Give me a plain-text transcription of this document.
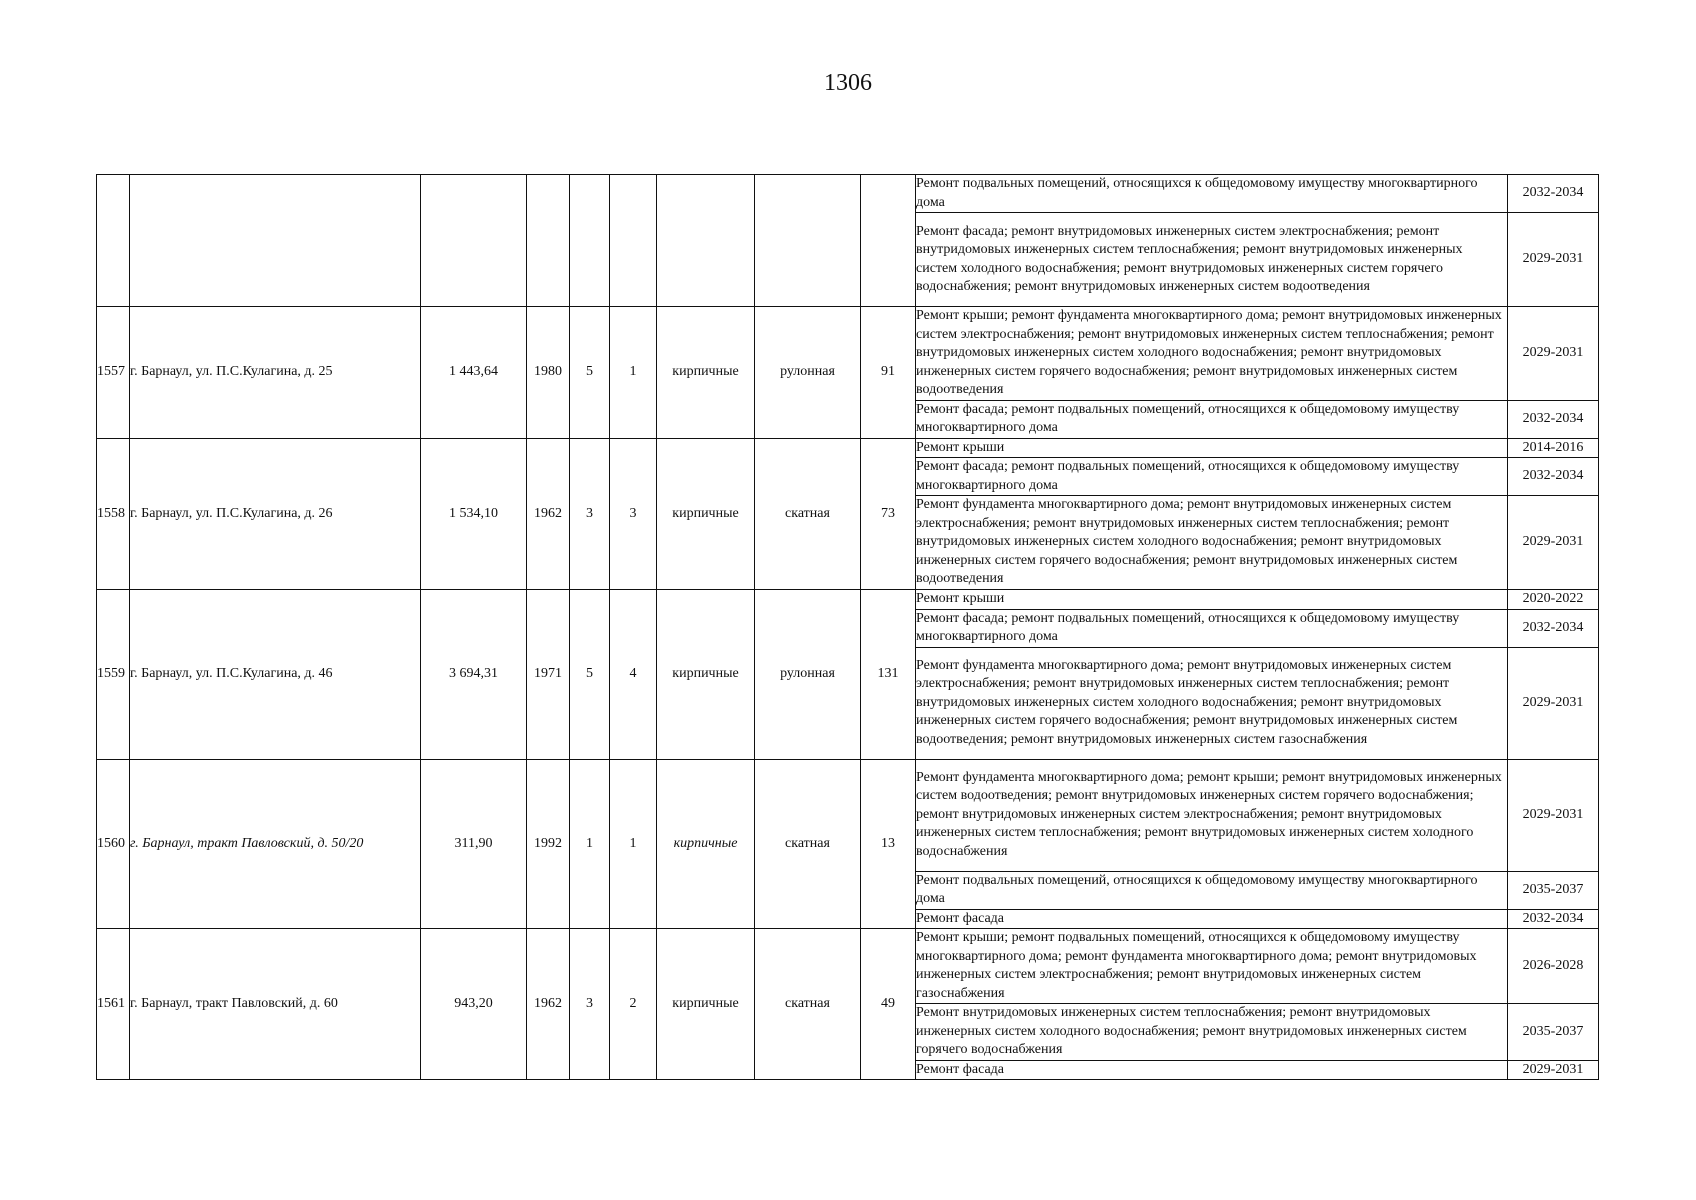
1306
									Ремонт подвальных помещений, относящихся к общедомовому имуществу многоквартирного дома	2032-2034
									Ремонт фасада; ремонт внутридомовых инженерных систем электроснабжения; ремонт внутридомовых инженерных систем теплоснабжения; ремонт внутридомовых инженерных систем холодного водоснабжения; ремонт внутридомовых инженерных систем горячего водоснабжения; ремонт внутридомовых инженерных систем водоотведения	2029-2031
1557	г. Барнаул, ул. П.С.Кулагина, д. 25	1 443,64	1980	5	1	кирпичные	рулонная	91	Ремонт крыши; ремонт фундамента многоквартирного дома; ремонт внутридомовых инженерных систем электроснабжения; ремонт внутридомовых инженерных систем теплоснабжения; ремонт внутридомовых инженерных систем холодного водоснабжения; ремонт внутридомовых инженерных систем горячего водоснабжения; ремонт внутридомовых инженерных систем водоотведения	2029-2031
									Ремонт фасада; ремонт подвальных помещений, относящихся к общедомовому имуществу многоквартирного дома	2032-2034
1558	г. Барнаул, ул. П.С.Кулагина, д. 26	1 534,10	1962	3	3	кирпичные	скатная	73	Ремонт крыши	2014-2016
									Ремонт фасада; ремонт подвальных помещений, относящихся к общедомовому имуществу многоквартирного дома	2032-2034
									Ремонт фундамента многоквартирного дома; ремонт внутридомовых инженерных систем электроснабжения; ремонт внутридомовых инженерных систем теплоснабжения; ремонт внутридомовых инженерных систем холодного водоснабжения; ремонт внутридомовых инженерных систем горячего водоснабжения; ремонт внутридомовых инженерных систем водоотведения	2029-2031
1559	г. Барнаул, ул. П.С.Кулагина, д. 46	3 694,31	1971	5	4	кирпичные	рулонная	131	Ремонт крыши	2020-2022
									Ремонт фасада; ремонт подвальных помещений, относящихся к общедомовому имуществу многоквартирного дома	2032-2034
									Ремонт фундамента многоквартирного дома; ремонт внутридомовых инженерных систем электроснабжения; ремонт внутридомовых инженерных систем теплоснабжения; ремонт внутридомовых инженерных систем холодного водоснабжения; ремонт внутридомовых инженерных систем горячего водоснабжения; ремонт внутридомовых инженерных систем водоотведения; ремонт внутридомовых инженерных систем газоснабжения	2029-2031
1560	г. Барнаул, тракт Павловский, д. 50/20	311,90	1992	1	1	кирпичные	скатная	13	Ремонт фундамента многоквартирного дома; ремонт крыши; ремонт внутридомовых инженерных систем водоотведения; ремонт внутридомовых инженерных систем горячего водоснабжения; ремонт внутридомовых инженерных систем электроснабжения; ремонт внутридомовых инженерных систем теплоснабжения; ремонт внутридомовых инженерных систем холодного водоснабжения	2029-2031
									Ремонт подвальных помещений, относящихся к общедомовому имуществу многоквартирного дома	2035-2037
									Ремонт фасада	2032-2034
1561	г. Барнаул, тракт Павловский, д. 60	943,20	1962	3	2	кирпичные	скатная	49	Ремонт крыши; ремонт подвальных помещений, относящихся к общедомовому имуществу многоквартирного дома; ремонт фундамента многоквартирного дома; ремонт внутридомовых инженерных систем электроснабжения; ремонт внутридомовых инженерных систем газоснабжения	2026-2028
									Ремонт внутридомовых инженерных систем теплоснабжения; ремонт внутридомовых инженерных систем холодного водоснабжения; ремонт внутридомовых инженерных систем горячего водоснабжения	2035-2037
									Ремонт фасада	2029-2031
